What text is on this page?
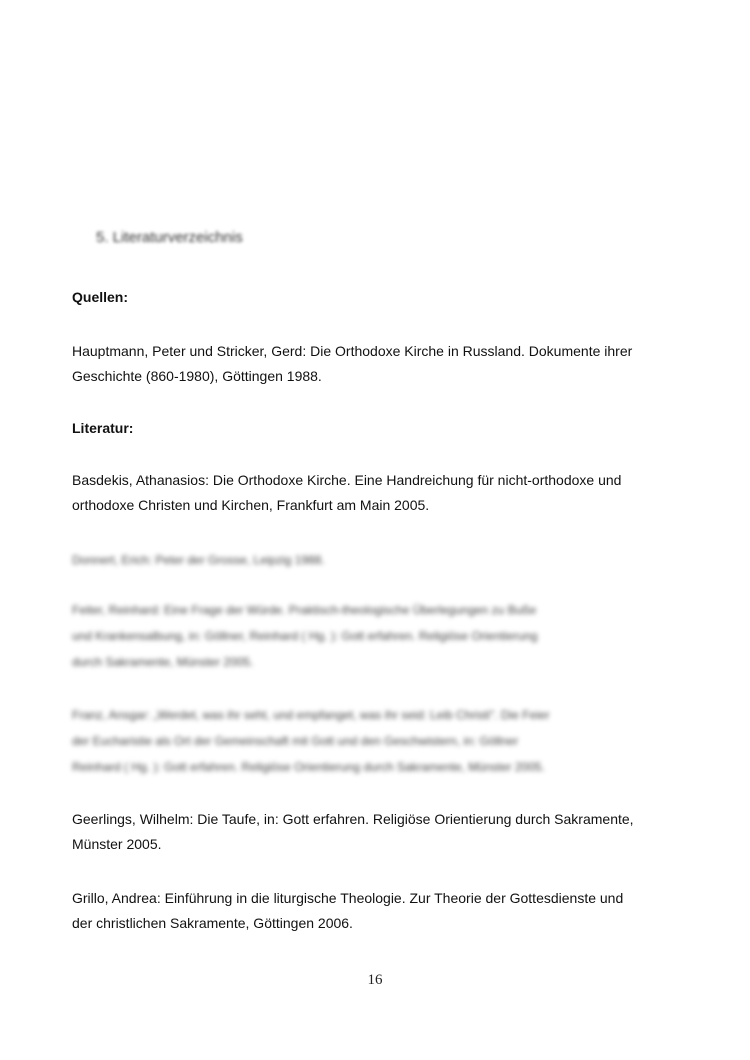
5. Literaturverzeichnis
Quellen:
Hauptmann, Peter und Stricker, Gerd: Die Orthodoxe Kirche in Russland. Dokumente ihrer
Geschichte (860-1980), Göttingen 1988.
Literatur:
Basdekis, Athanasios: Die Orthodoxe Kirche. Eine Handreichung für nicht-orthodoxe und
orthodoxe Christen und Kirchen, Frankfurt am Main 2005.
Donnert, Erich: Peter der Grosse, Leipzig 1988.
Feiter, Reinhard: Eine Frage der Würde. Praktisch-theologische Überlegungen zu Buße
und Krankensalbung, in: Göllner, Reinhard ( Hg. ): Gott erfahren. Religiöse Orientierung
durch Sakramente, Münster 2005.
Franz, Ansgar: „Werdet, was ihr seht, und empfanget, was ihr seid: Leib Christi". Die Feier
der Eucharistie als Ort der Gemeinschaft mit Gott und den Geschwistern, in: Göllner
Reinhard ( Hg. ): Gott erfahren. Religiöse Orientierung durch Sakramente, Münster 2005.
Geerlings, Wilhelm: Die Taufe, in: Gott erfahren. Religiöse Orientierung durch Sakramente,
Münster 2005.
Grillo, Andrea: Einführung in die liturgische Theologie. Zur Theorie der Gottesdienste und
der christlichen Sakramente, Göttingen 2006.
16
